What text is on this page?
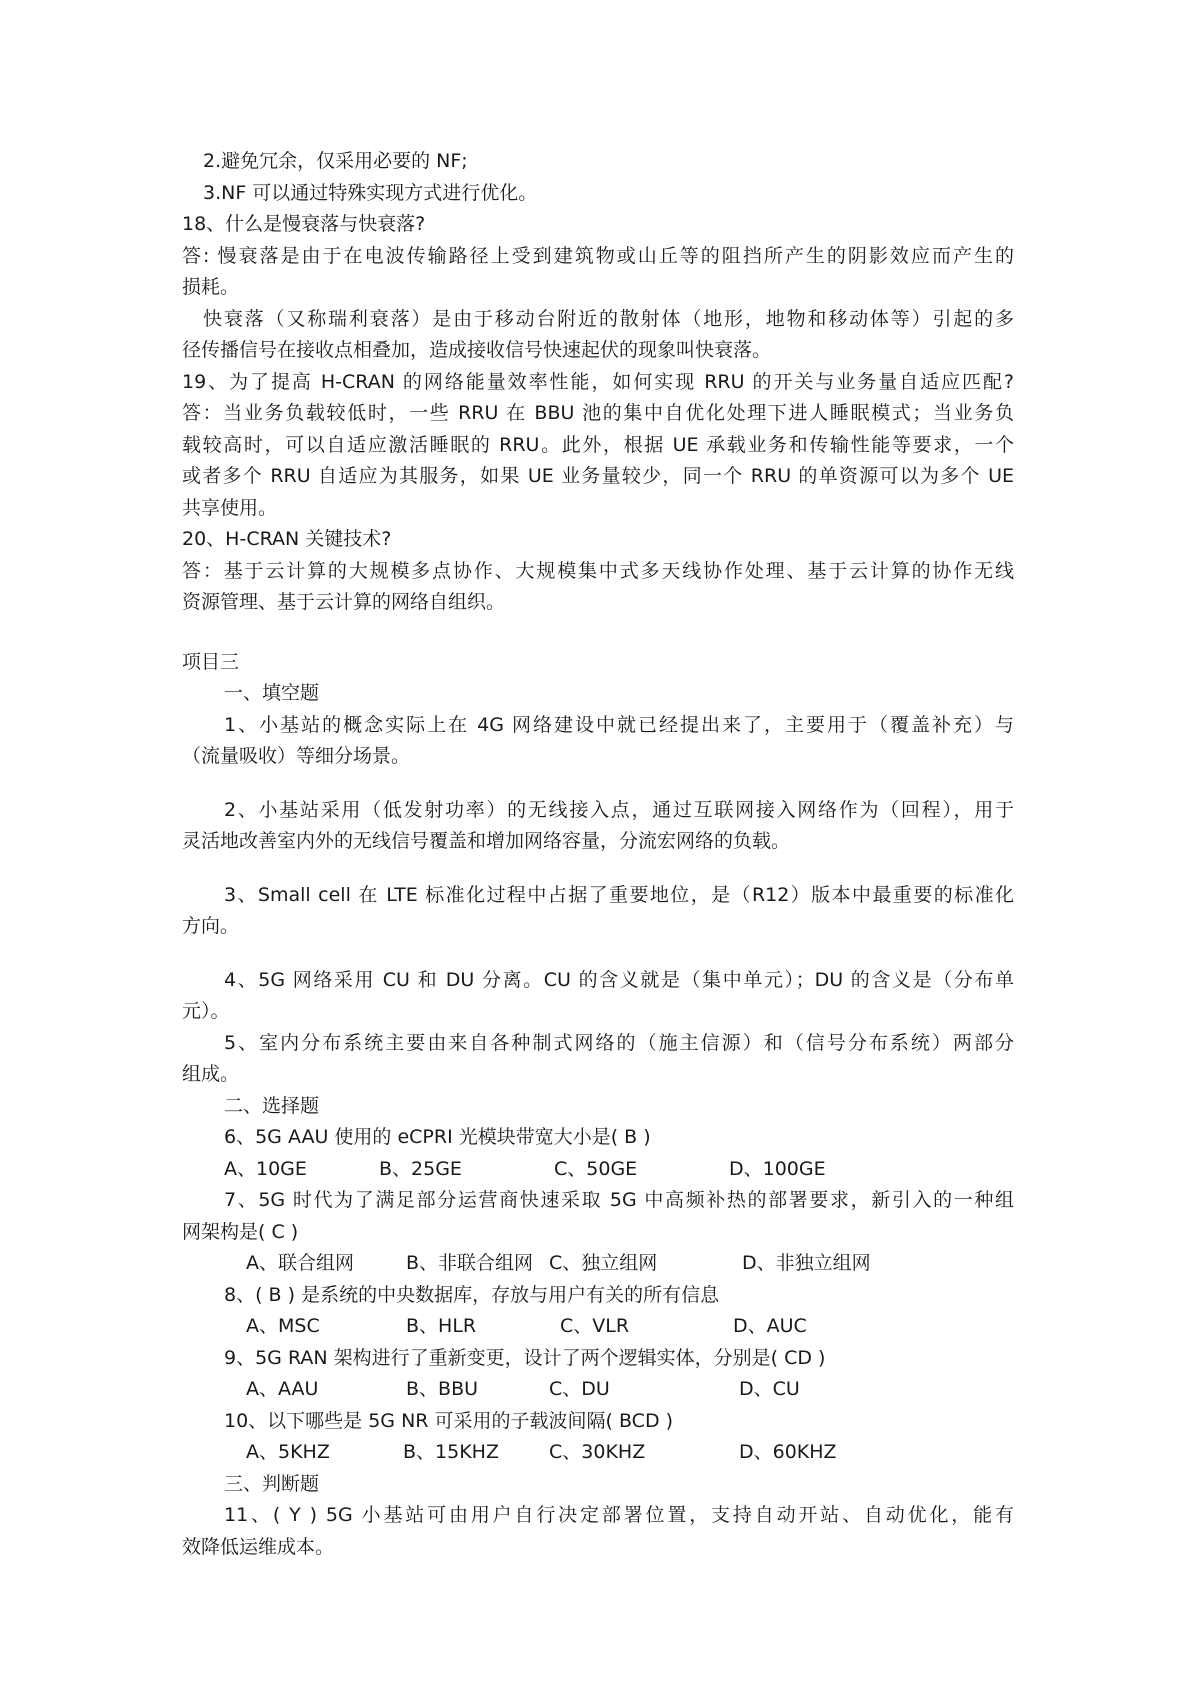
2.避免冗余，仅采用必要的 NF;
3.NF 可以通过特殊实现方式进行优化。
18、什么是慢衰落与快衰落?
答: 慢衰落是由于在电波传输路径上受到建筑物或山丘等的阻挡所产生的阴影效应而产生的
损耗。
快衰落（又称瑞利衰落）是由于移动台附近的散射体（地形，地物和移动体等）引起的多
径传播信号在接收点相叠加，造成接收信号快速起伏的现象叫快衰落。
19、为了提高 H-CRAN 的网络能量效率性能，如何实现 RRU 的开关与业务量自适应匹配?
答：当业务负载较低时，一些 RRU 在 BBU 池的集中自优化处理下进人睡眠模式；当业务负
载较高时，可以自适应激活睡眠的 RRU。此外，根据 UE 承载业务和传输性能等要求，一个
或者多个 RRU 自适应为其服务，如果 UE 业务量较少，同一个 RRU 的单资源可以为多个 UE
共享使用。
20、H-CRAN 关键技术?
答：基于云计算的大规模多点协作、大规模集中式多天线协作处理、基于云计算的协作无线
资源管理、基于云计算的网络自组织。
项目三
一、填空题
1、小基站的概念实际上在 4G 网络建设中就已经提出来了，主要用于（覆盖补充）与
（流量吸收）等细分场景。
2、小基站采用（低发射功率）的无线接入点，通过互联网接入网络作为（回程），用于
灵活地改善室内外的无线信号覆盖和增加网络容量，分流宏网络的负载。
3、Small cell 在 LTE 标准化过程中占据了重要地位，是（R12）版本中最重要的标准化
方向。
4、5G 网络采用 CU 和 DU 分离。CU 的含义就是（集中单元）；DU 的含义是（分布单
元）。
5、室内分布系统主要由来自各种制式网络的（施主信源）和（信号分布系统）两部分
组成。
二、选择题
6、5G AAU 使用的 eCPRI 光模块带宽大小是( B )
A、10GE	B、25GE	C、50GE	D、100GE
7、5G 时代为了满足部分运营商快速采取 5G 中高频补热的部署要求，新引入的一种组
网架构是( C )
A、联合组网	B、非联合组网 C、独立组网	D、非独立组网
8、( B ) 是系统的中央数据库，存放与用户有关的所有信息
A、MSC	B、HLR	C、VLR	D、AUC
9、5G RAN 架构进行了重新变更，设计了两个逻辑实体，分别是( CD )
A、AAU	B、BBU	C、DU	D、CU
10、以下哪些是 5G NR 可采用的子载波间隔( BCD )
A、5KHZ	B、15KHZ	C、30KHZ	D、60KHZ
三、判断题
11、( Y ) 5G 小基站可由用户自行决定部署位置，支持自动开站、自动优化，能有
效降低运维成本。
